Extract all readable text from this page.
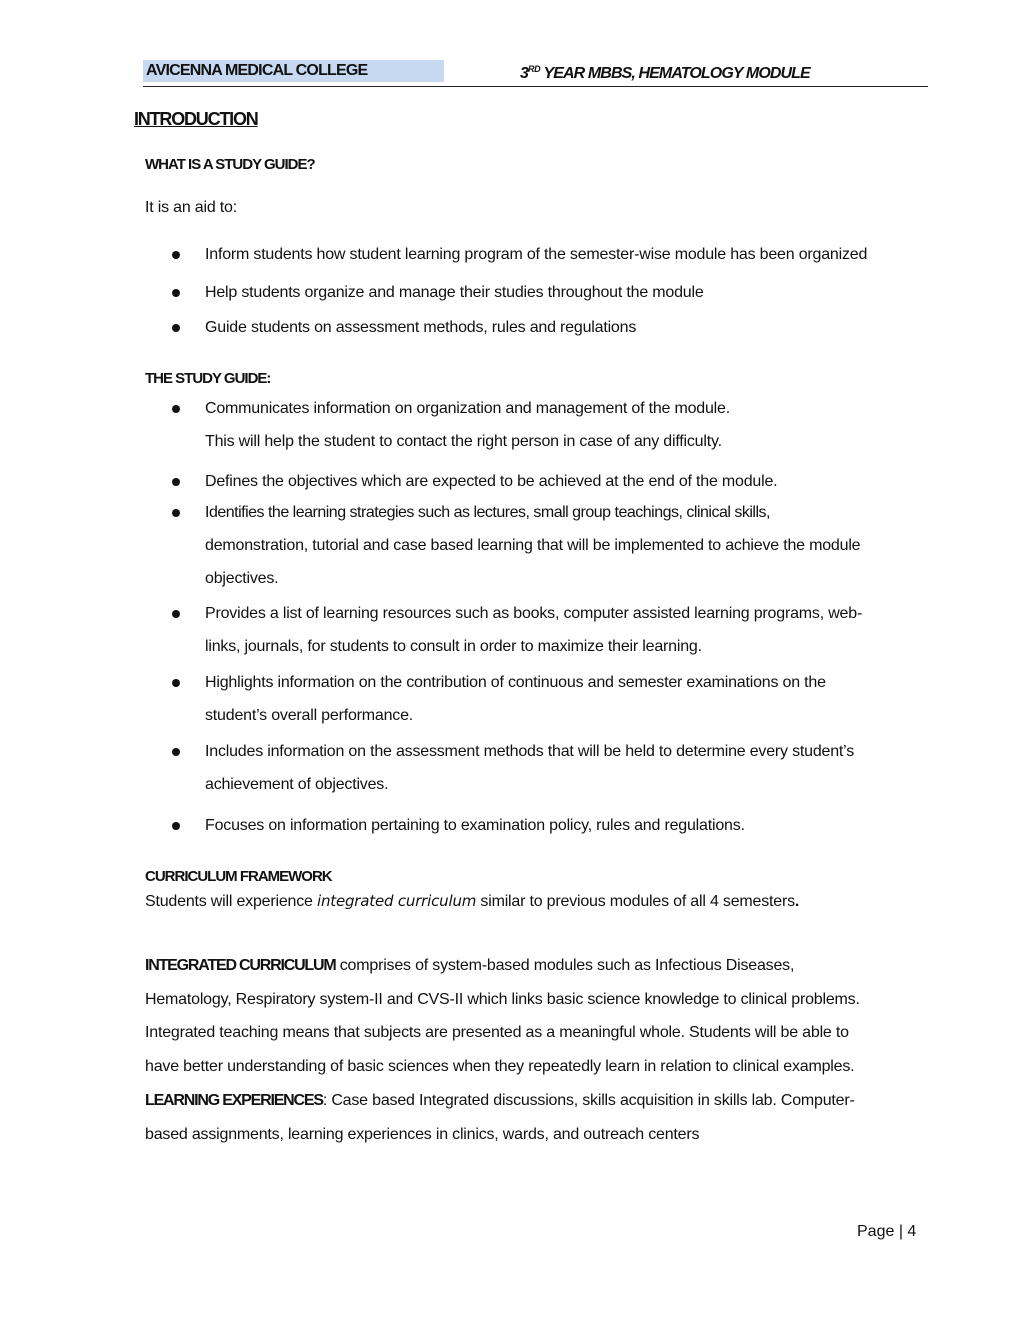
AVICENNA MEDICAL COLLEGE	3RD YEAR MBBS, HEMATOLOGY MODULE
INTRODUCTION
WHAT IS A STUDY GUIDE?
It is an aid to:
Inform students how student learning program of the semester-wise module has been organized
Help students organize and manage their studies throughout the module
Guide students on assessment methods, rules and regulations
THE STUDY GUIDE:
Communicates information on organization and management of the module.
This will help the student to contact the right person in case of any difficulty.
Defines the objectives which are expected to be achieved at the end of the module.
Identifies the learning strategies such as lectures, small group teachings, clinical skills,
demonstration, tutorial and case based learning that will be implemented to achieve the module
objectives.
Provides a list of learning resources such as books, computer assisted learning programs, web-
links, journals, for students to consult in order to maximize their learning.
Highlights information on the contribution of continuous and semester examinations on the
student’s overall performance.
Includes information on the assessment methods that will be held to determine every student’s
achievement of objectives.
Focuses on information pertaining to examination policy, rules and regulations.
CURRICULUM FRAMEWORK
Students will experience integrated curriculum similar to previous modules of all 4 semesters.
INTEGRATED CURRICULUM comprises of system-based modules such as Infectious Diseases,
Hematology, Respiratory system-II and CVS-II which links basic science knowledge to clinical problems.
Integrated teaching means that subjects are presented as a meaningful whole. Students will be able to
have better understanding of basic sciences when they repeatedly learn in relation to clinical examples.
LEARNING EXPERIENCES: Case based Integrated discussions, skills acquisition in skills lab. Computer-
based assignments, learning experiences in clinics, wards, and outreach centers
Page | 4
